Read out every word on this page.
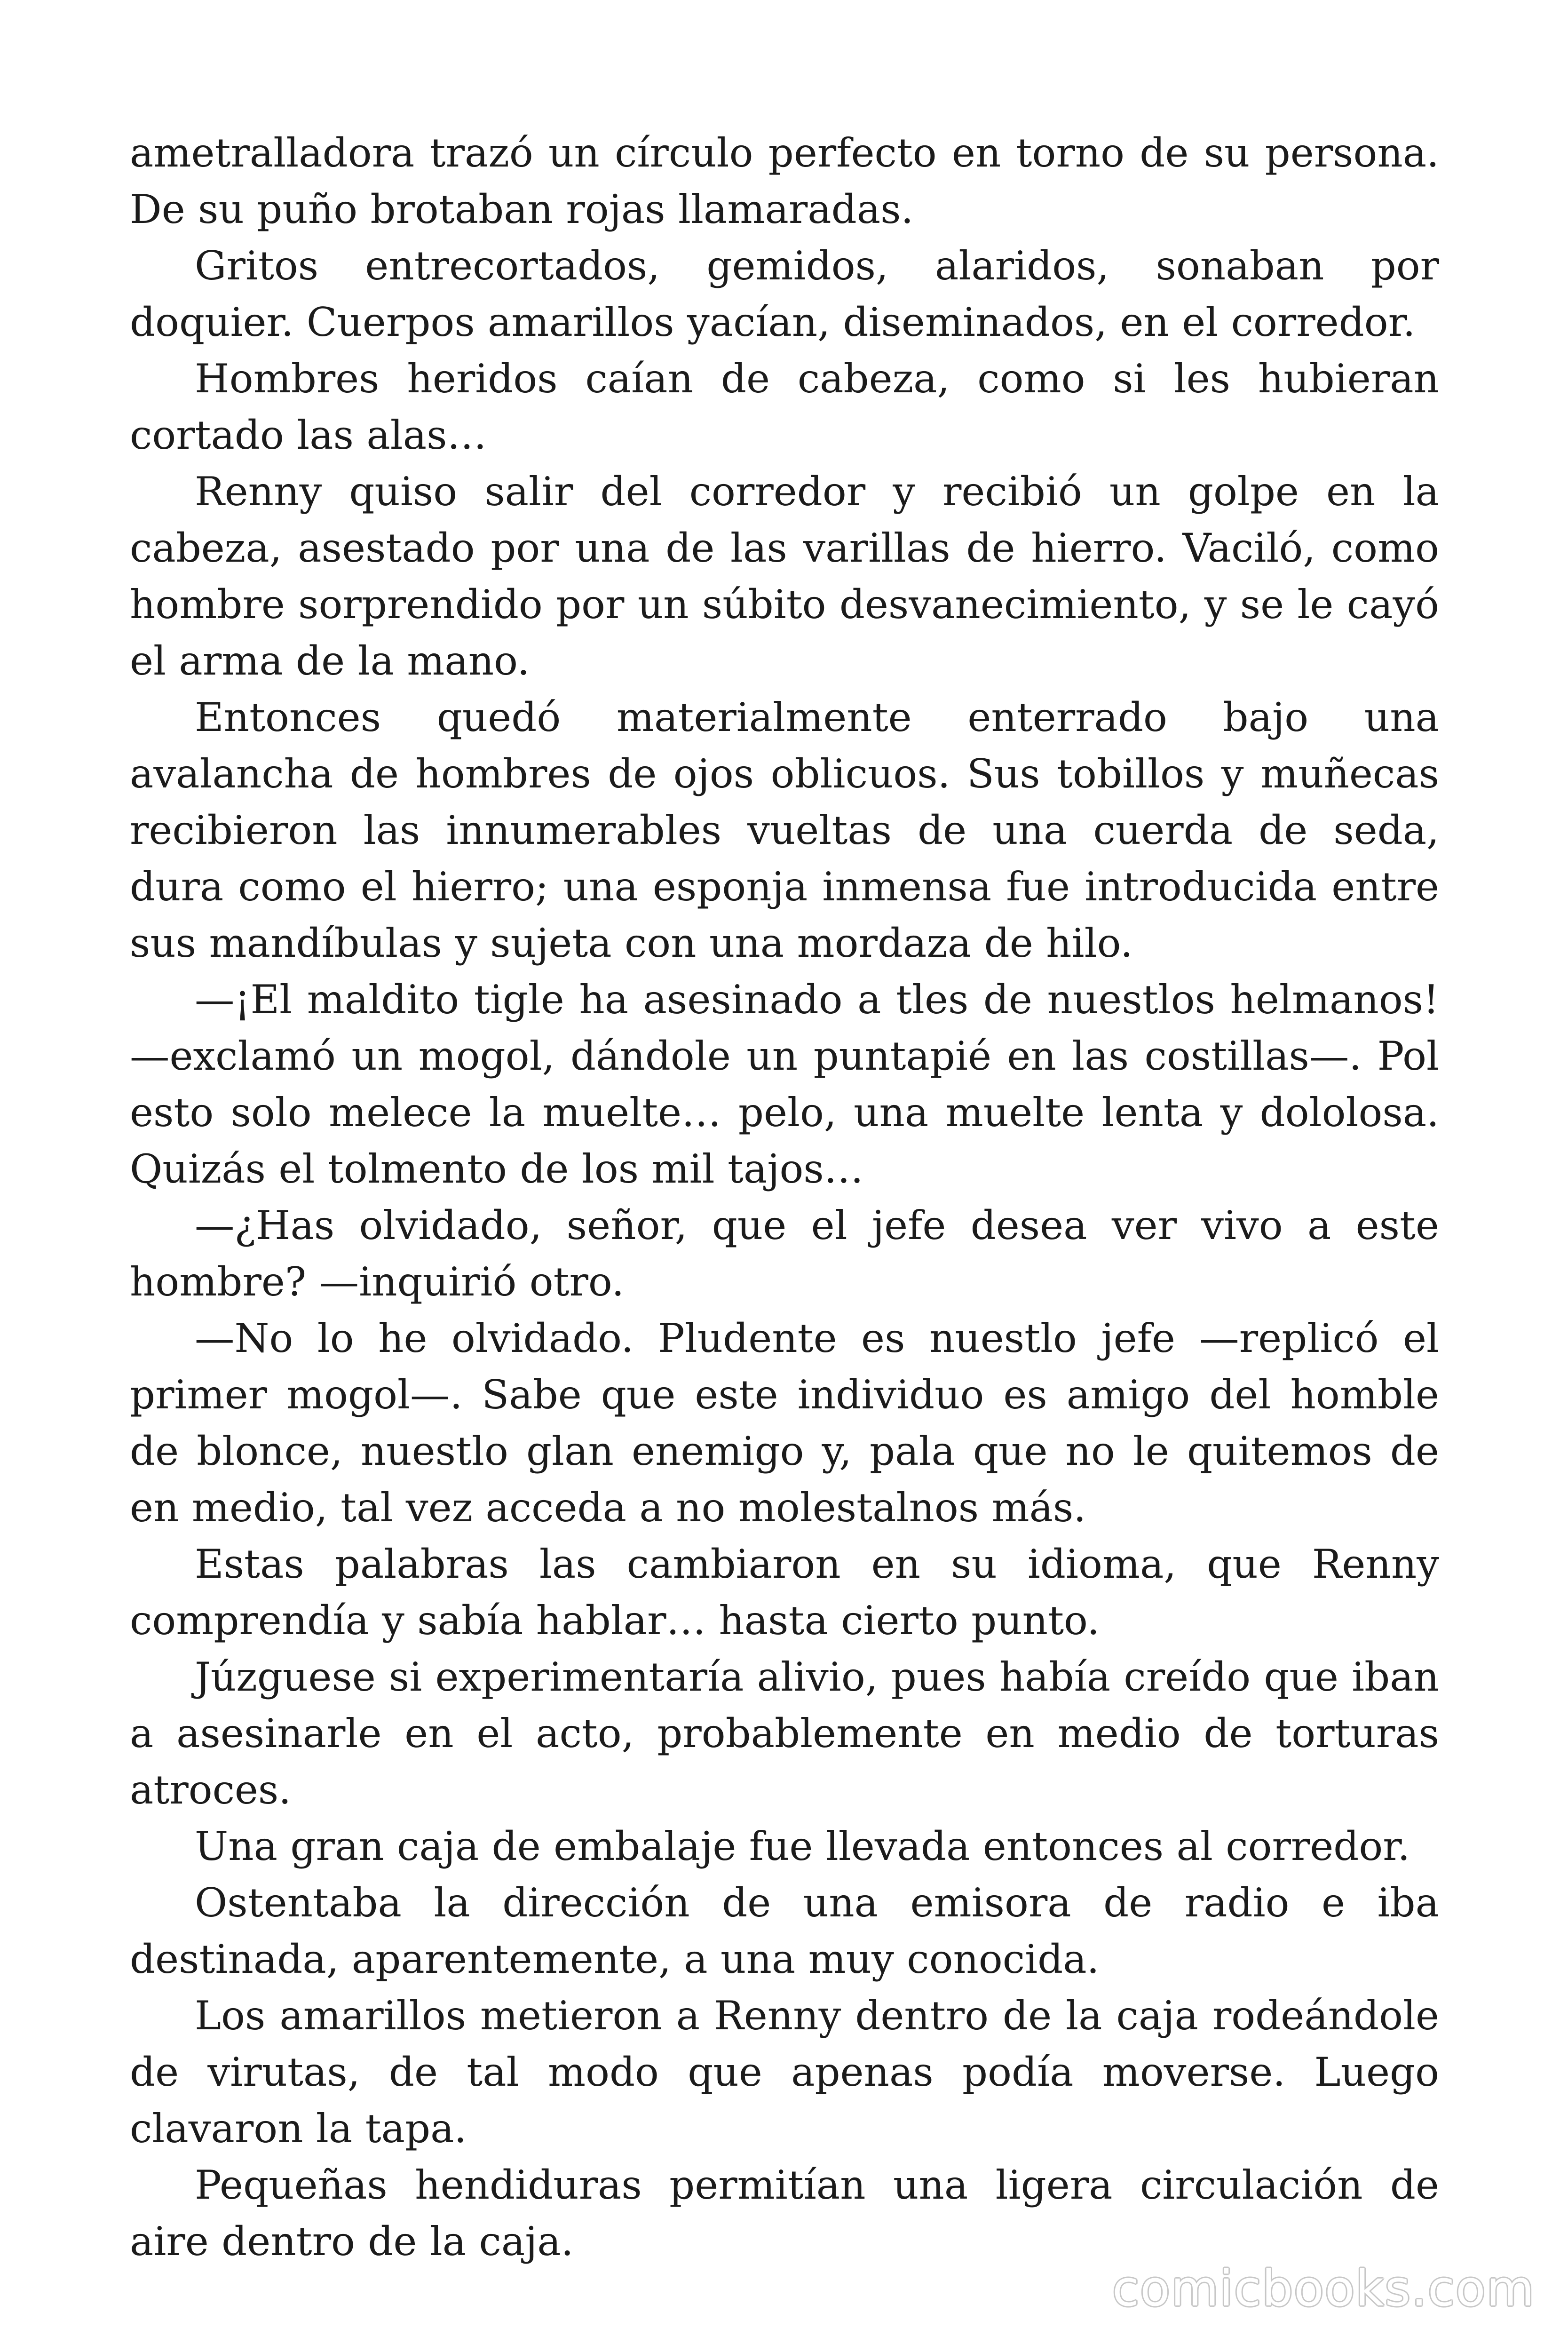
ametralladora trazó un círculo perfecto en torno de su persona. De su puño brotaban rojas llamaradas.

Gritos entrecortados, gemidos, alaridos, sonaban por doquier. Cuerpos amarillos yacían, diseminados, en el corredor.

Hombres heridos caían de cabeza, como si les hubieran cortado las alas…

Renny quiso salir del corredor y recibió un golpe en la cabeza, asestado por una de las varillas de hierro. Vaciló, como hombre sorprendido por un súbito desvanecimiento, y se le cayó el arma de la mano.

Entonces quedó materialmente enterrado bajo una avalancha de hombres de ojos oblicuos. Sus tobillos y muñecas recibieron las innumerables vueltas de una cuerda de seda, dura como el hierro; una esponja inmensa fue introducida entre sus mandíbulas y sujeta con una mordaza de hilo.

—¡El maldito tigle ha asesinado a tles de nuestlos helmanos! —exclamó un mogol, dándole un puntapié en las costillas—. Pol esto solo melece la muelte… pelo, una muelte lenta y dololosa. Quizás el tolmento de los mil tajos…

—¿Has olvidado, señor, que el jefe desea ver vivo a este hombre? —inquirió otro.

—No lo he olvidado. Pludente es nuestlo jefe —replicó el primer mogol—. Sabe que este individuo es amigo del homble de blonce, nuestlo glan enemigo y, pala que no le quitemos de en medio, tal vez acceda a no molestalnos más.

Estas palabras las cambiaron en su idioma, que Renny comprendía y sabía hablar… hasta cierto punto.

Júzguese si experimentaría alivio, pues había creído que iban a asesinarle en el acto, probablemente en medio de torturas atroces.

Una gran caja de embalaje fue llevada entonces al corredor.

Ostentaba la dirección de una emisora de radio e iba destinada, aparentemente, a una muy conocida.

Los amarillos metieron a Renny dentro de la caja rodeándole de virutas, de tal modo que apenas podía moverse. Luego clavaron la tapa.

Pequeñas hendiduras permitían una ligera circulación de aire dentro de la caja.

comicbooks.com
